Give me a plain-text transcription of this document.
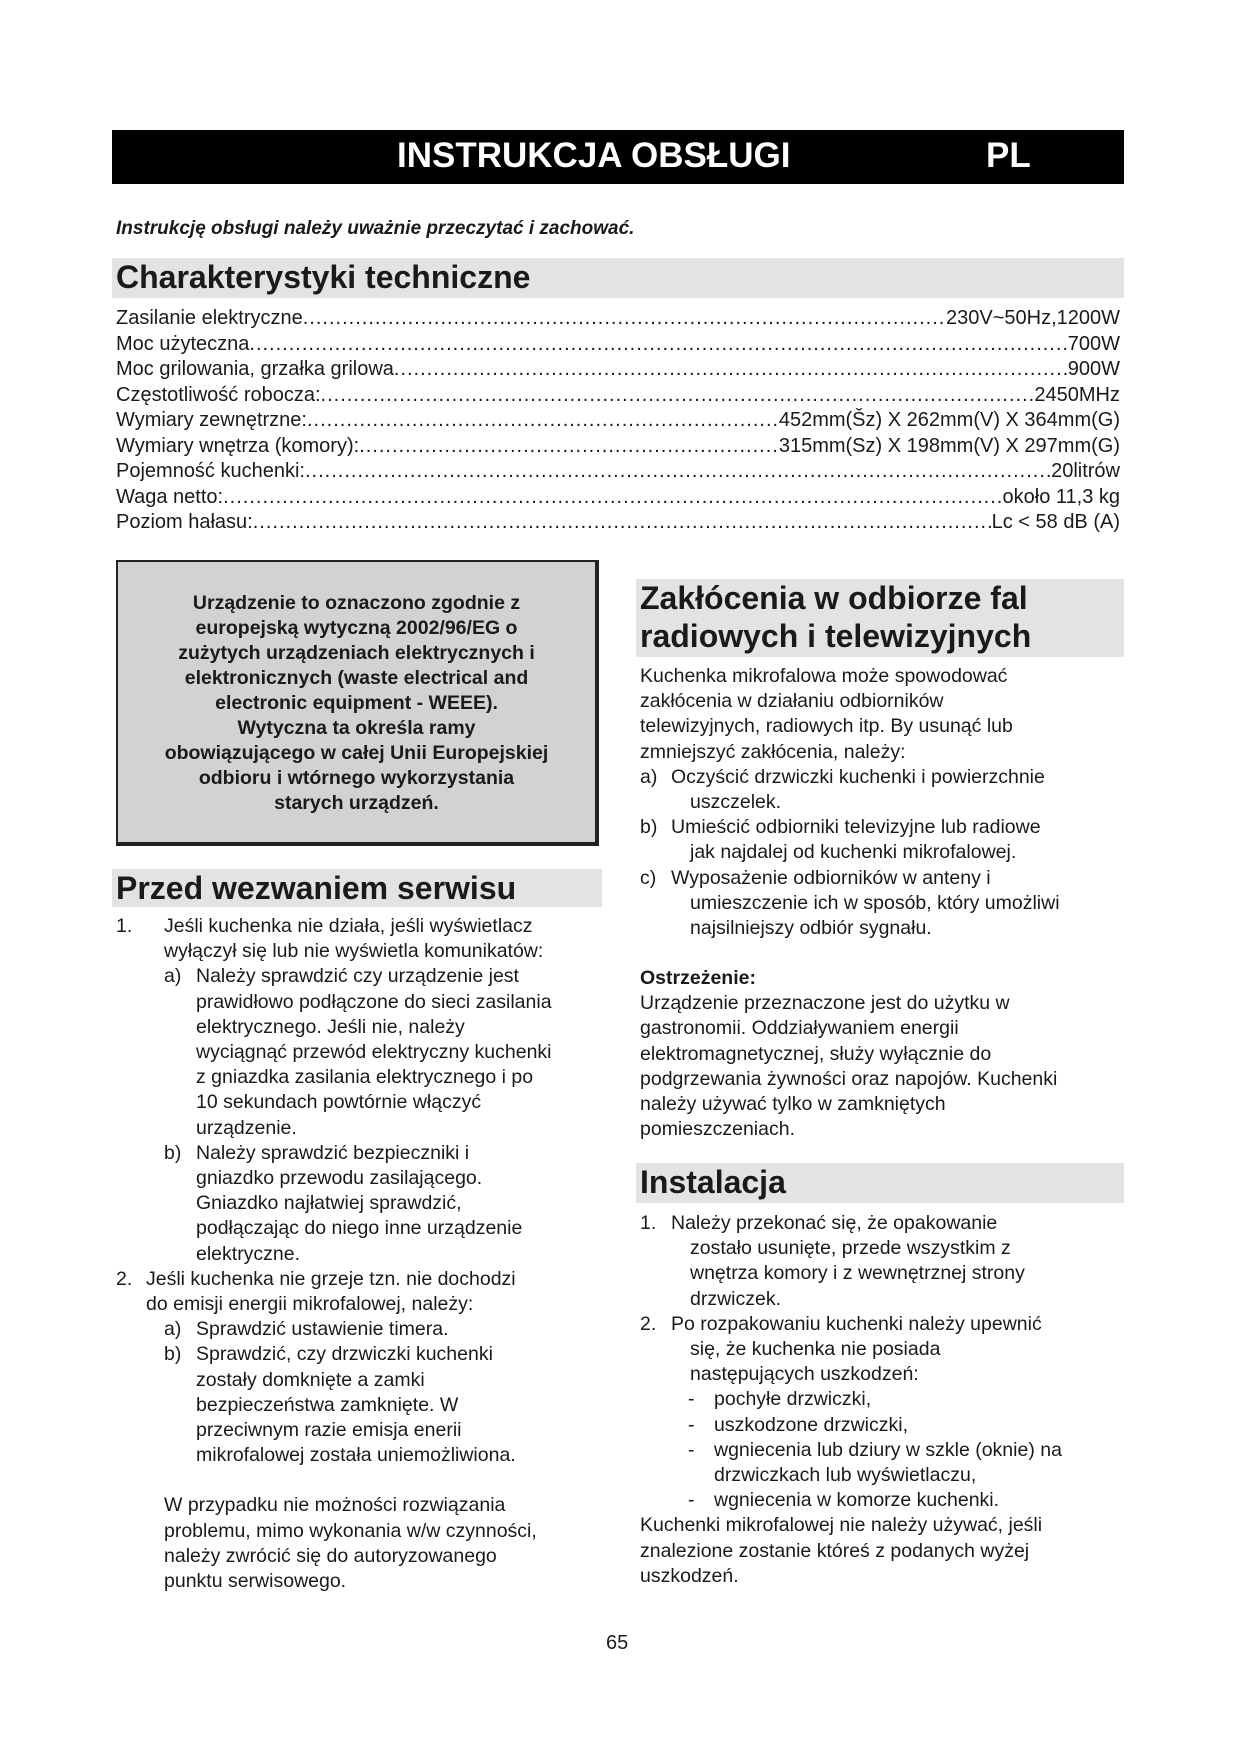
INSTRUKCJA OBSŁUGI	PL
Instrukcję obsługi należy uważnie przeczytać i zachować.
Charakterystyki techniczne
Zasilanie elektryczne .....	230V~50Hz,1200W
Moc użyteczna .....	700W
Moc grilowania, grzałka grilowa .....	900W
Częstotliwość robocza: .....	2450MHz
Wymiary zewnętrzne: .....	452mm(Šz) X 262mm(V) X 364mm(G)
Wymiary wnętrza (komory): .....	315mm(Sz) X 198mm(V) X 297mm(G)
Pojemność kuchenki: .....	20litrów
Waga netto: .....	około 11,3 kg
Poziom hałasu: .....	Lc < 58 dB (A)
Urządzenie to oznaczono zgodnie z
europejską wytyczną 2002/96/EG o
zużytych urządzeniach elektrycznych i
elektronicznych (waste electrical and
electronic equipment - WEEE).
Wytyczna ta określa ramy
obowiązującego w całej Unii Europejskiej
odbioru i wtórnego wykorzystania
starych urządzeń.
Przed wezwaniem serwisu
1.	Jeśli kuchenka nie działa, jeśli wyświetlacz
wyłączył się lub nie wyświetla komunikatów:
a) Należy sprawdzić czy urządzenie jest
prawidłowo podłączone do sieci zasilania
elektrycznego. Jeśli nie, należy
wyciągnąć przewód elektryczny kuchenki
z gniazdka zasilania elektrycznego i po
10 sekundach powtórnie włączyć
urządzenie.
b) Należy sprawdzić bezpieczniki i
gniazdko przewodu zasilającego.
Gniazdko najłatwiej sprawdzić,
podłączając do niego inne urządzenie
elektryczne.
2. Jeśli kuchenka nie grzeje tzn. nie dochodzi
do emisji energii mikrofalowej, należy:
a) Sprawdzić ustawienie timera.
b) Sprawdzić, czy drzwiczki kuchenki
zostały domknięte a zamki
bezpieczeństwa zamknięte. W
przeciwnym razie emisja enerii
mikrofalowej została uniemożliwiona.
W przypadku nie możności rozwiązania
problemu, mimo wykonania w/w czynności,
należy zwrócić się do autoryzowanego
punktu serwisowego.
Zakłócenia w odbiorze fal
radiowych i telewizyjnych
Kuchenka mikrofalowa może spowodować
zakłócenia w działaniu odbiorników
telewizyjnych, radiowych itp. By usunąć lub
zmniejszyć zakłócenia, należy:
a) Oczyścić drzwiczki kuchenki i powierzchnie
uszczelek.
b) Umieścić odbiorniki televizyjne lub radiowe
jak najdalej od kuchenki mikrofalowej.
c) Wyposażenie odbiorników w anteny i
umieszczenie ich w sposób, który umożliwi
najsilniejszy odbiór sygnału.
Ostrzeżenie:
Urządzenie przeznaczone jest do użytku w
gastronomii. Oddziaływaniem energii
elektromagnetycznej, służy wyłącznie do
podgrzewania żywności oraz napojów. Kuchenki
należy używać tylko w zamkniętych
pomieszczeniach.
Instalacja
1. Należy przekonać się, że opakowanie
zostało usunięte, przede wszystkim z
wnętrza komory i z wewnętrznej strony
drzwiczek.
2. Po rozpakowaniu kuchenki należy upewnić
się, że kuchenka nie posiada
następujących uszkodzeń:
-	pochyłe drzwiczki,
-	uszkodzone drzwiczki,
-	wgniecenia lub dziury w szkle (oknie) na
drzwiczkach lub wyświetlaczu,
-	wgniecenia w komorze kuchenki.
Kuchenki mikrofalowej nie należy używać, jeśli
znalezione zostanie któreś z podanych wyżej
uszkodzeń.
65
